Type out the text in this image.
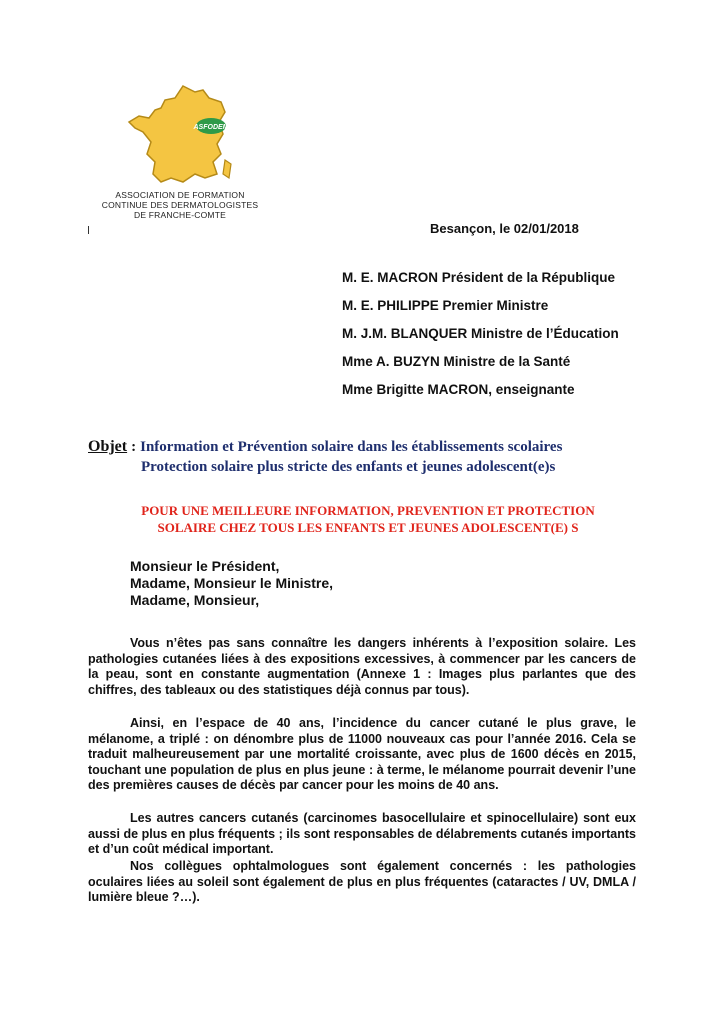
ASFODEM
ASSOCIATION DE FORMATION
CONTINUE DES DERMATOLOGISTES
DE FRANCHE-COMTE
Besançon, le 02/01/2018
M. E. MACRON Président de la République
M. E. PHILIPPE Premier Ministre
M. J.M. BLANQUER Ministre de l’Éducation
Mme A. BUZYN Ministre de la Santé
Mme Brigitte MACRON, enseignante
Objet : Information et Prévention solaire dans les établissements scolaires
Protection solaire plus stricte des enfants et jeunes adolescent(e)s
POUR UNE MEILLEURE INFORMATION, PREVENTION ET PROTECTION
SOLAIRE CHEZ TOUS LES ENFANTS ET JEUNES ADOLESCENT(E) S
Monsieur le Président,
Madame, Monsieur le Ministre,
Madame, Monsieur,

Vous n’êtes pas sans connaître les dangers inhérents à l’exposition solaire. Les pathologies cutanées liées à des expositions excessives, à commencer par les cancers de la peau, sont en constante augmentation (Annexe 1 : Images plus parlantes que des chiffres, des tableaux ou des statistiques déjà connus par tous).

Ainsi, en l’espace de 40 ans, l’incidence du cancer cutané le plus grave, le mélanome, a triplé : on dénombre plus de 11000 nouveaux cas pour l’année 2016. Cela se traduit malheureusement par une mortalité croissante, avec plus de 1600 décès en 2015, touchant une population de plus en plus jeune : à terme, le mélanome pourrait devenir l’une des premières causes de décès par cancer pour les moins de 40 ans.

Les autres cancers cutanés (carcinomes basocellulaire et spinocellulaire) sont eux aussi de plus en plus fréquents ; ils sont responsables de délabrements cutanés importants et d’un coût médical important.

Nos collègues ophtalmologues sont également concernés : les pathologies oculaires liées au soleil sont également de plus en plus fréquentes (cataractes / UV, DMLA / lumière bleue ?…).
